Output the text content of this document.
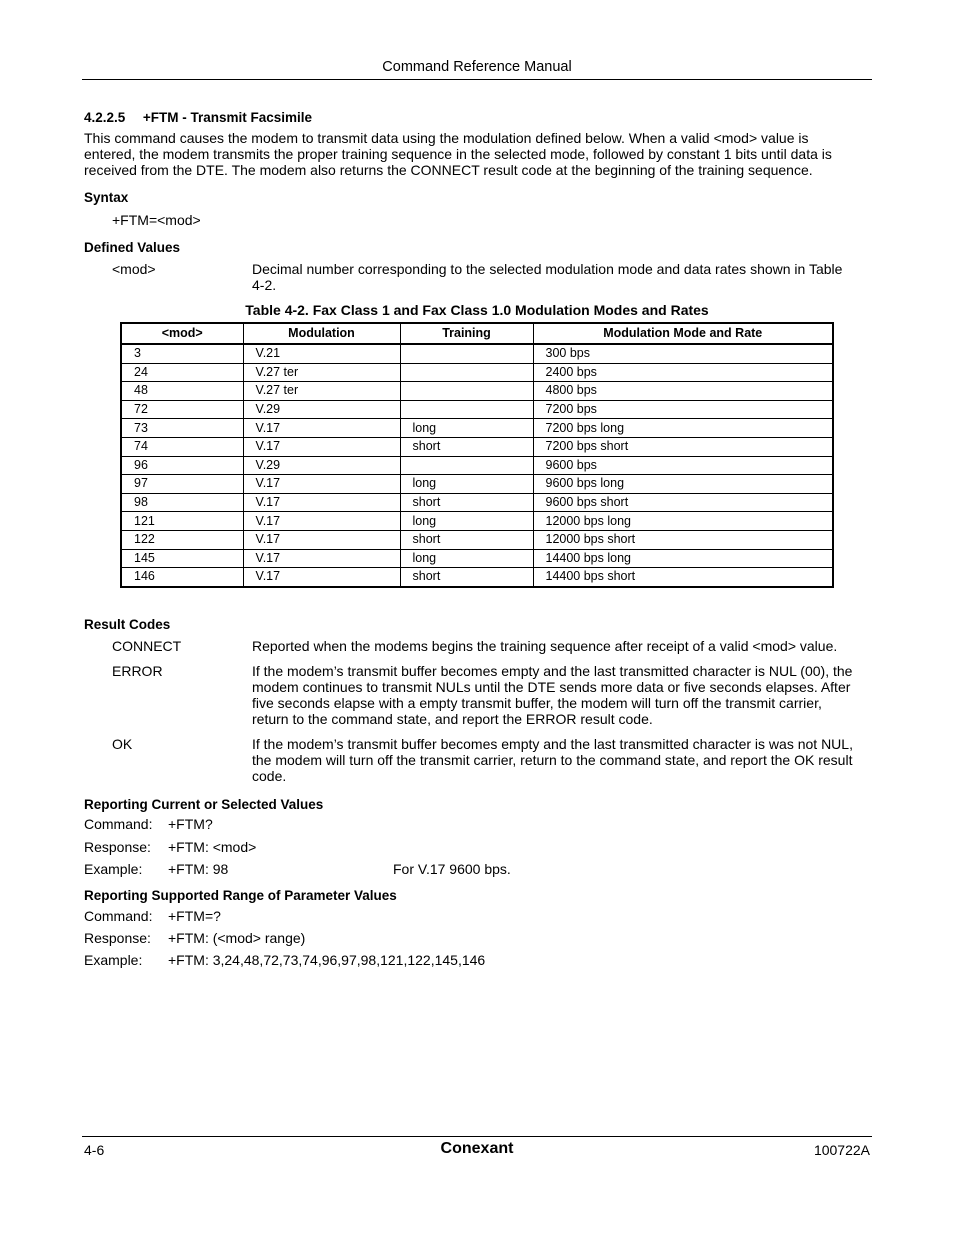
Command Reference Manual
4.2.2.5 +FTM - Transmit Facsimile
This command causes the modem to transmit data using the modulation defined below. When a valid <mod> value is
entered, the modem transmits the proper training sequence in the selected mode, followed by constant 1 bits until data is
received from the DTE. The modem also returns the CONNECT result code at the beginning of the training sequence.
Syntax
+FTM=<mod>
Defined Values
<mod>	Decimal number corresponding to the selected modulation mode and data rates shown in Table
4-2.
Table 4-2. Fax Class 1 and Fax Class 1.0 Modulation Modes and Rates
<mod>	Modulation	Training	Modulation Mode and Rate
3	V.21		300 bps
24	V.27 ter		2400 bps
48	V.27 ter		4800 bps
72	V.29		7200 bps
73	V.17	long	7200 bps long
74	V.17	short	7200 bps short
96	V.29		9600 bps
97	V.17	long	9600 bps long
98	V.17	short	9600 bps short
121	V.17	long	12000 bps long
122	V.17	short	12000 bps short
145	V.17	long	14400 bps long
146	V.17	short	14400 bps short
Result Codes
CONNECT	Reported when the modems begins the training sequence after receipt of a valid <mod> value.
ERROR	If the modem’s transmit buffer becomes empty and the last transmitted character is NUL (00), the
modem continues to transmit NULs until the DTE sends more data or five seconds elapses. After
five seconds elapse with a empty transmit buffer, the modem will turn off the transmit carrier,
return to the command state, and report the ERROR result code.
OK	If the modem’s transmit buffer becomes empty and the last transmitted character is was not NUL,
the modem will turn off the transmit carrier, return to the command state, and report the OK result
code.
Reporting Current or Selected Values
Command: +FTM?
Response: +FTM: <mod>
Example: +FTM: 98	For V.17 9600 bps.
Reporting Supported Range of Parameter Values
Command: +FTM=?
Response: +FTM: (<mod> range)
Example: +FTM: 3,24,48,72,73,74,96,97,98,121,122,145,146
4-6	Conexant	100722A
